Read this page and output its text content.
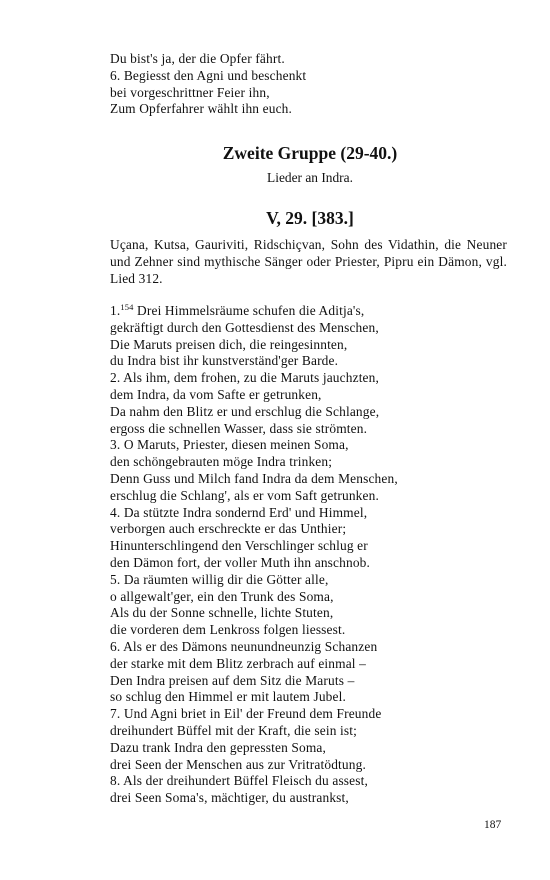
Du bist's ja, der die Opfer fährt.
6. Begiesst den Agni und beschenkt
bei vorgeschrittner Feier ihn,
Zum Opferfahrer wählt ihn euch.
Zweite Gruppe (29-40.)
Lieder an Indra.
V, 29. [383.]

Uçana, Kutsa, Gauriviti, Ridschiçvan, Sohn des Vidathin, die Neuner und Zehner sind mythische Sänger oder Priester, Pipru ein Dämon, vgl. Lied 312.

1.$^{154}$ Drei Himmelsräume schufen die Aditja's,
gekräftigt durch den Gottesdienst des Menschen,
Die Maruts preisen dich, die reingesinnten,
du Indra bist ihr kunstverständ'ger Barde.
2. Als ihm, dem frohen, zu die Maruts jauchzten,
dem Indra, da vom Safte er getrunken,
Da nahm den Blitz er und erschlug die Schlange,
ergoss die schnellen Wasser, dass sie strömten.
3. O Maruts, Priester, diesen meinen Soma,
den schöngebrauten möge Indra trinken;
Denn Guss und Milch fand Indra da dem Menschen,
erschlug die Schlang', als er vom Saft getrunken.
4. Da stützte Indra sondernd Erd' und Himmel,
verborgen auch erschreckte er das Unthier;
Hinunterschlingend den Verschlinger schlug er
den Dämon fort, der voller Muth ihn anschnob.
5. Da räumten willig dir die Götter alle,
o allgewalt'ger, ein den Trunk des Soma,
Als du der Sonne schnelle, lichte Stuten,
die vorderen dem Lenkross folgen liessest.
6. Als er des Dämons neunundneunzig Schanzen
der starke mit dem Blitz zerbrach auf einmal –
Den Indra preisen auf dem Sitz die Maruts –
so schlug den Himmel er mit lautem Jubel.
7. Und Agni briet in Eil' der Freund dem Freunde
dreihundert Büffel mit der Kraft, die sein ist;
Dazu trank Indra den gepressten Soma,
drei Seen der Menschen aus zur Vritratödtung.
8. Als der dreihundert Büffel Fleisch du assest,
drei Seen Soma's, mächtiger, du austrankst,
187
